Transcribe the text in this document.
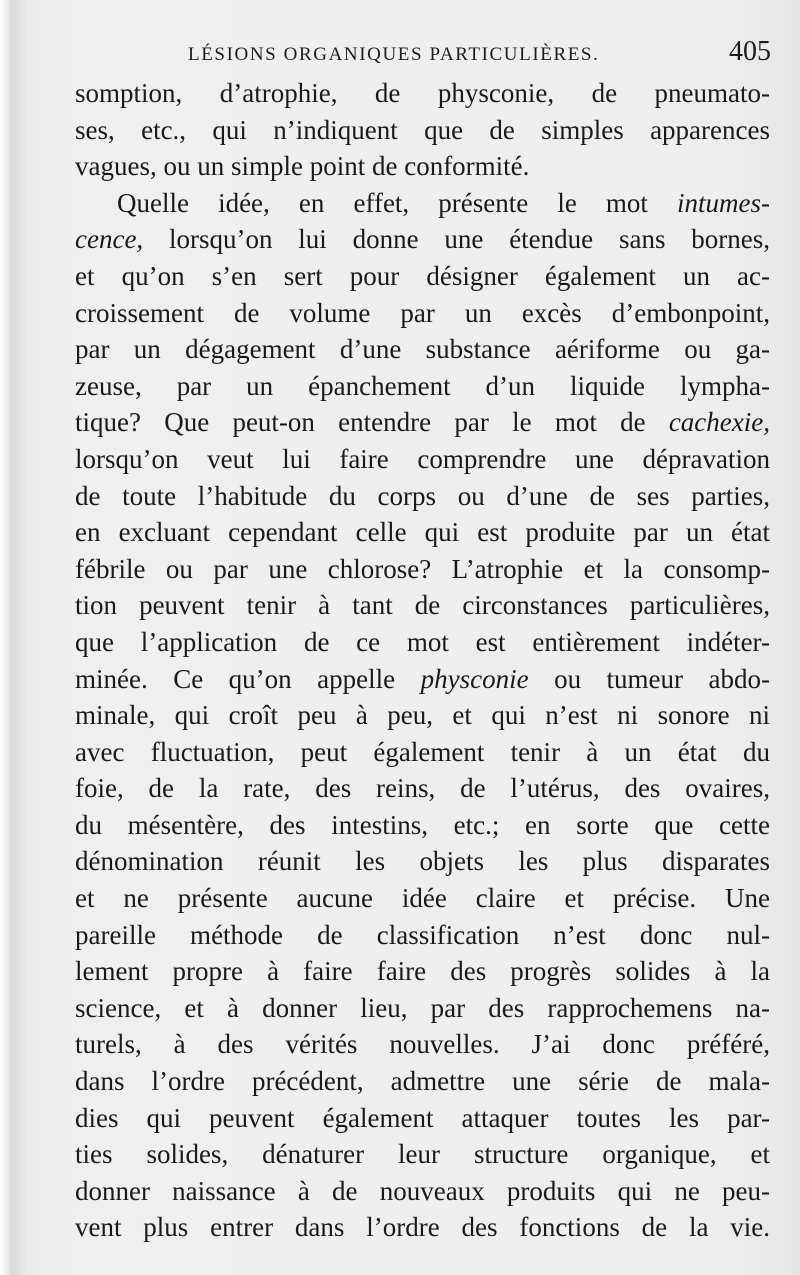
LÉSIONS ORGANIQUES PARTICULIÈRES.	405
somption, d’atrophie, de physconie, de pneumato-
ses, etc., qui n’indiquent que de simples apparences
vagues, ou un simple point de conformité.
Quelle idée, en effet, présente le mot intumes-
cence, lorsqu’on lui donne une étendue sans bornes,
et qu’on s’en sert pour désigner également un ac-
croissement de volume par un excès d’embonpoint,
par un dégagement d’une substance aériforme ou ga-
zeuse, par un épanchement d’un liquide lympha-
tique? Que peut-on entendre par le mot de cachexie,
lorsqu’on veut lui faire comprendre une dépravation
de toute l’habitude du corps ou d’une de ses parties,
en excluant cependant celle qui est produite par un état
fébrile ou par une chlorose? L’atrophie et la consomp-
tion peuvent tenir à tant de circonstances particulières,
que l’application de ce mot est entièrement indéter-
minée. Ce qu’on appelle physconie ou tumeur abdo-
minale, qui croît peu à peu, et qui n’est ni sonore ni
avec fluctuation, peut également tenir à un état du
foie, de la rate, des reins, de l’utérus, des ovaires,
du mésentère, des intestins, etc.; en sorte que cette
dénomination réunit les objets les plus disparates
et ne présente aucune idée claire et précise. Une
pareille méthode de classification n’est donc nul-
lement propre à faire faire des progrès solides à la
science, et à donner lieu, par des rapprochemens na-
turels, à des vérités nouvelles. J’ai donc préféré,
dans l’ordre précédent, admettre une série de mala-
dies qui peuvent également attaquer toutes les par-
ties solides, dénaturer leur structure organique, et
donner naissance à de nouveaux produits qui ne peu-
vent plus entrer dans l’ordre des fonctions de la vie.
